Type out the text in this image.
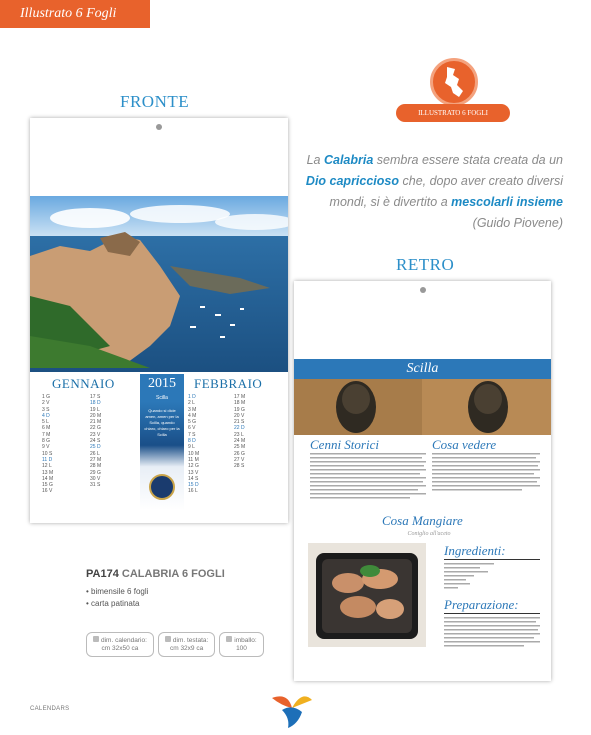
Illustrato 6 Fogli
FRONTE
ILLUSTRATO 6 FOGLI
La Calabria sembra essere stata creata da un Dio capriccioso che, dopo aver creato diversi mondi, si è divertito a mescolarli insieme
(Guido Piovene)
GENNAIO	2015
Scilla
FEBBRAIO
1 G
2 V
3 S
4 D
5 L
6 M
7 M
8 G
9 V
10 S
11 D
12 L
13 M
14 M
15 G
16 V
17 S
18 D
19 L
20 M
21 M
22 G
23 V
24 S
25 D
26 L
27 M
28 M
29 G
30 V
31 S
Quando si dicie amen, amen per la Scilla, quando chiaro, chiaro per la Scilla
1 D
2 L
3 M
4 M
5 G
6 V
7 S
8 D
9 L
10 M
11 M
12 G
13 V
14 S
15 D
16 L
17 M
18 M
19 G
20 V
21 S
22 D
23 L
24 M
25 M
26 G
27 V
28 S
RETRO
PA174 CALABRIA 6 FOGLI
• bimensile 6 fogli
• carta patinata
dim. calendario:
cm 32x50 ca
dim. testata:
cm 32x9 ca
imballo:
100
Scilla
Cenni Storici	Cosa vedere
Cosa Mangiare
Coniglio all'aceto
Ingredienti:
Preparazione:
CALENDARS
